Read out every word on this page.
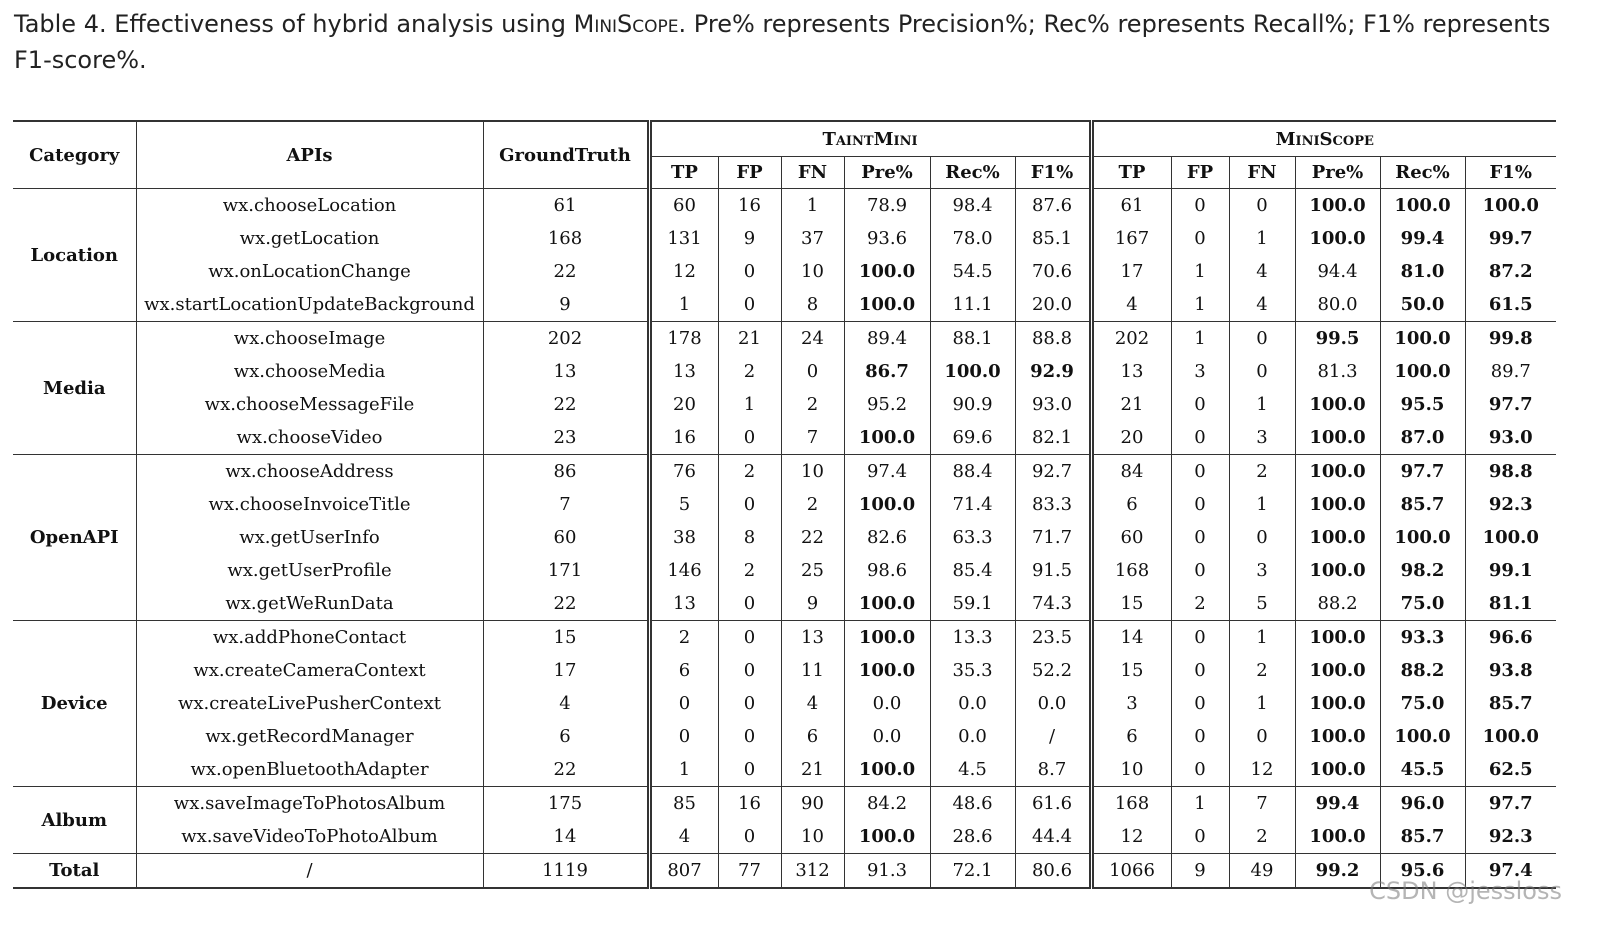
Table 4. Effectiveness of hybrid analysis using MiniScope. Pre% represents Precision%; Rec% represents Recall%; F1% represents F1-score%.
Category	APIs	GroundTruth	TaintMini						MiniScope					
			TP	FP	FN	Pre%	Rec%	F1%	TP	FP	FN	Pre%	Rec%	F1%
Location	wx.chooseLocation	61	60	16	1	78.9	98.4	87.6	61	0	0	100.0	100.0	100.0
	wx.getLocation	168	131	9	37	93.6	78.0	85.1	167	0	1	100.0	99.4	99.7
	wx.onLocationChange	22	12	0	10	100.0	54.5	70.6	17	1	4	94.4	81.0	87.2
	wx.startLocationUpdateBackground	9	1	0	8	100.0	11.1	20.0	4	1	4	80.0	50.0	61.5
Media	wx.chooseImage	202	178	21	24	89.4	88.1	88.8	202	1	0	99.5	100.0	99.8
	wx.chooseMedia	13	13	2	0	86.7	100.0	92.9	13	3	0	81.3	100.0	89.7
	wx.chooseMessageFile	22	20	1	2	95.2	90.9	93.0	21	0	1	100.0	95.5	97.7
	wx.chooseVideo	23	16	0	7	100.0	69.6	82.1	20	0	3	100.0	87.0	93.0
OpenAPI	wx.chooseAddress	86	76	2	10	97.4	88.4	92.7	84	0	2	100.0	97.7	98.8
	wx.chooseInvoiceTitle	7	5	0	2	100.0	71.4	83.3	6	0	1	100.0	85.7	92.3
	wx.getUserInfo	60	38	8	22	82.6	63.3	71.7	60	0	0	100.0	100.0	100.0
	wx.getUserProfile	171	146	2	25	98.6	85.4	91.5	168	0	3	100.0	98.2	99.1
	wx.getWeRunData	22	13	0	9	100.0	59.1	74.3	15	2	5	88.2	75.0	81.1
Device	wx.addPhoneContact	15	2	0	13	100.0	13.3	23.5	14	0	1	100.0	93.3	96.6
	wx.createCameraContext	17	6	0	11	100.0	35.3	52.2	15	0	2	100.0	88.2	93.8
	wx.createLivePusherContext	4	0	0	4	0.0	0.0	0.0	3	0	1	100.0	75.0	85.7
	wx.getRecordManager	6	0	0	6	0.0	0.0	/	6	0	0	100.0	100.0	100.0
	wx.openBluetoothAdapter	22	1	0	21	100.0	4.5	8.7	10	0	12	100.0	45.5	62.5
Album	wx.saveImageToPhotosAlbum	175	85	16	90	84.2	48.6	61.6	168	1	7	99.4	96.0	97.7
	wx.saveVideoToPhotoAlbum	14	4	0	10	100.0	28.6	44.4	12	0	2	100.0	85.7	92.3
Total	/	1119	807	77	312	91.3	72.1	80.6	1066	9	49	99.2	95.6	97.4
CSDN @jessloss
